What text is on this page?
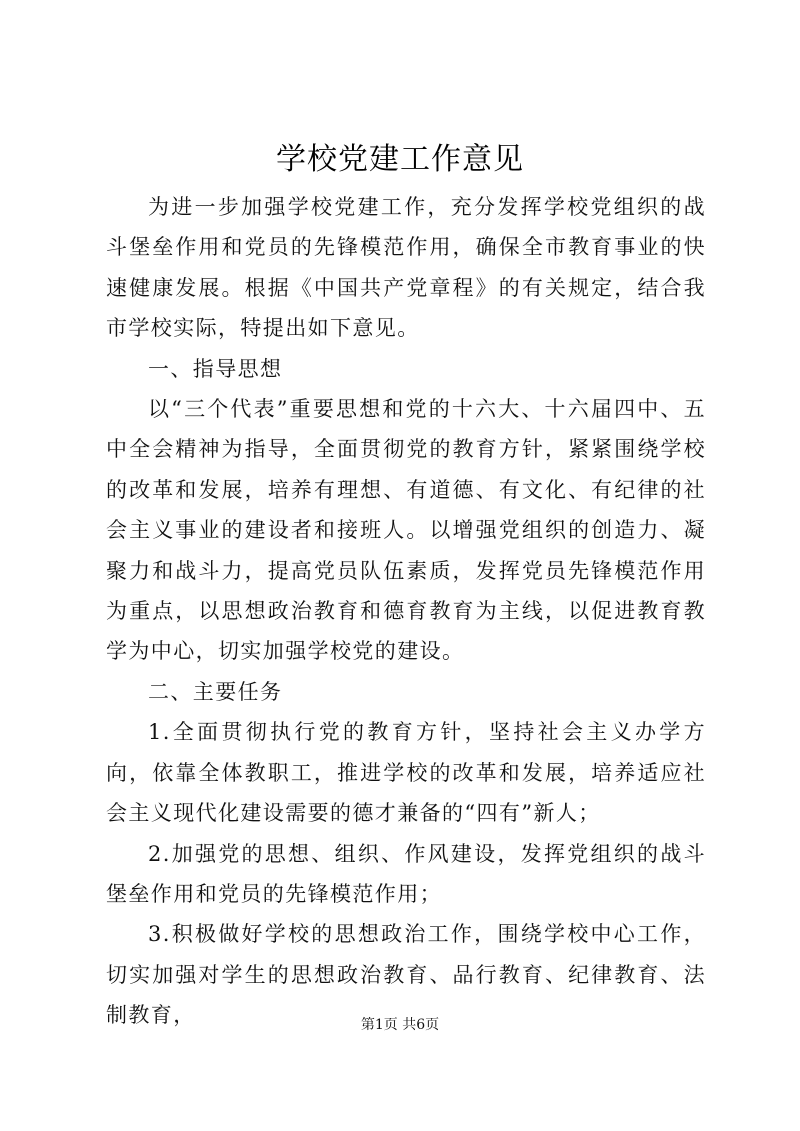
学校党建工作意见

为进一步加强学校党建工作，充分发挥学校党组织的战斗堡垒作用和党员的先锋模范作用，确保全市教育事业的快速健康发展。根据《中国共产党章程》的有关规定，结合我市学校实际，特提出如下意见。

一、指导思想

以“三个代表”重要思想和党的十六大、十六届四中、五中全会精神为指导，全面贯彻党的教育方针，紧紧围绕学校的改革和发展，培养有理想、有道德、有文化、有纪律的社会主义事业的建设者和接班人。以增强党组织的创造力、凝聚力和战斗力，提高党员队伍素质，发挥党员先锋模范作用为重点，以思想政治教育和德育教育为主线，以促进教育教学为中心，切实加强学校党的建设。

二、主要任务

1.全面贯彻执行党的教育方针，坚持社会主义办学方向，依靠全体教职工，推进学校的改革和发展，培养适应社会主义现代化建设需要的德才兼备的“四有”新人；

2.加强党的思想、组织、作风建设，发挥党组织的战斗堡垒作用和党员的先锋模范作用；

3.积极做好学校的思想政治工作，围绕学校中心工作，切实加强对学生的思想政治教育、品行教育、纪律教育、法制教育，	第1页 共6页
